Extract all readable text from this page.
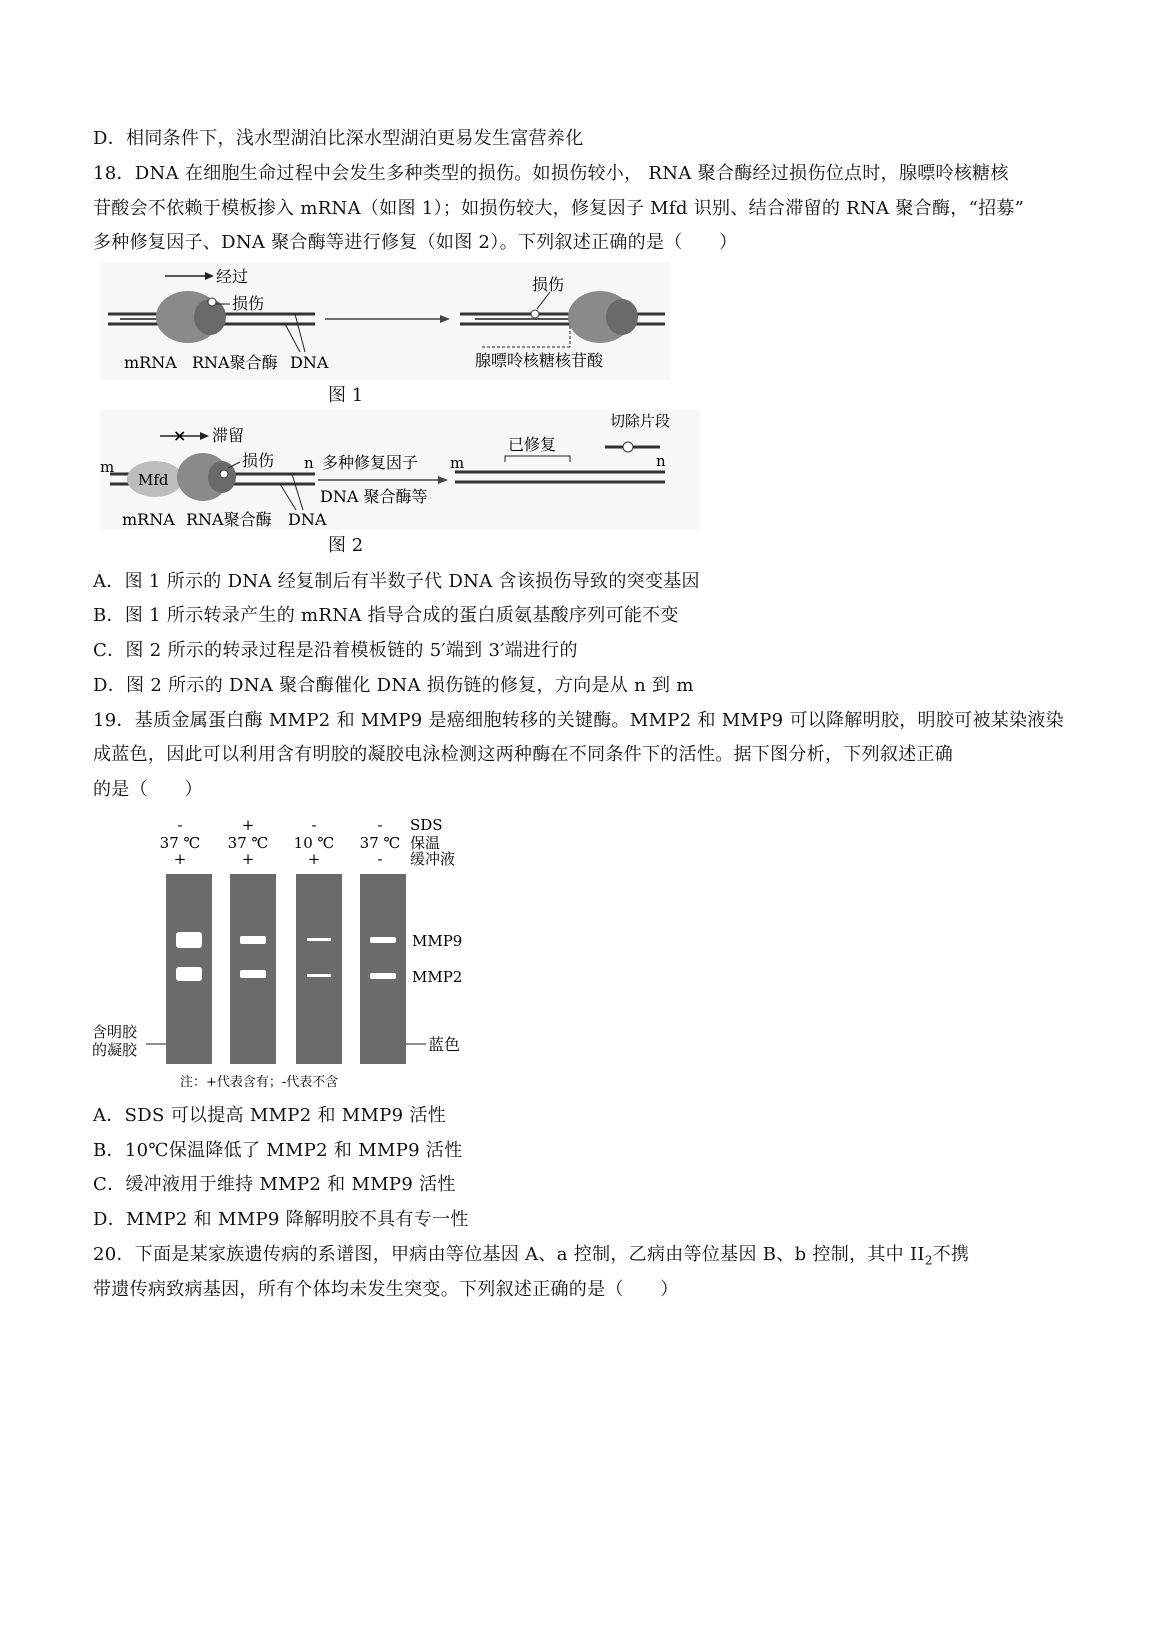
D．相同条件下，浅水型湖泊比深水型湖泊更易发生富营养化
18．DNA 在细胞生命过程中会发生多种类型的损伤。如损伤较小， RNA 聚合酶经过损伤位点时，腺嘌呤核糖核
苷酸会不依赖于模板掺入 mRNA（如图 1）；如损伤较大，修复因子 Mfd 识别、结合滞留的 RNA 聚合酶，“招募”
多种修复因子、DNA 聚合酶等进行修复（如图 2）。下列叙述正确的是（　　）
经过
损伤
mRNA RNA聚合酶 DNA
损伤
腺嘌呤核糖核苷酸
图 1
× 滞留
m	n
Mfd
损伤
mRNA RNA聚合酶 DNA
多种修复因子
DNA 聚合酶等
m	n
已修复
切除片段
图 2
A．图 1 所示的 DNA 经复制后有半数子代 DNA 含该损伤导致的突变基因
B．图 1 所示转录产生的 mRNA 指导合成的蛋白质氨基酸序列可能不变
C．图 2 所示的转录过程是沿着模板链的 5′端到 3′端进行的
D．图 2 所示的 DNA 聚合酶催化 DNA 损伤链的修复，方向是从 n 到 m
19．基质金属蛋白酶 MMP2 和 MMP9 是癌细胞转移的关键酶。MMP2 和 MMP9 可以降解明胶，明胶可被某染液染
成蓝色，因此可以利用含有明胶的凝胶电泳检测这两种酶在不同条件下的活性。据下图分析，下列叙述正确
的是（　　）
-	+	-	-
37 ℃ 37 ℃ 10 ℃ 37 ℃
+	+	+	-
SDS
保温
缓冲液
MMP9
MMP2
蓝色
含明胶
的凝胶
注：+代表含有；-代表不含
A．SDS 可以提高 MMP2 和 MMP9 活性
B．10℃保温降低了 MMP2 和 MMP9 活性
C．缓冲液用于维持 MMP2 和 MMP9 活性
D．MMP2 和 MMP9 降解明胶不具有专一性
20．下面是某家族遗传病的系谱图，甲病由等位基因 A、a 控制，乙病由等位基因 B、b 控制，其中 $II_2$不携
带遗传病致病基因，所有个体均未发生突变。下列叙述正确的是（　　）
